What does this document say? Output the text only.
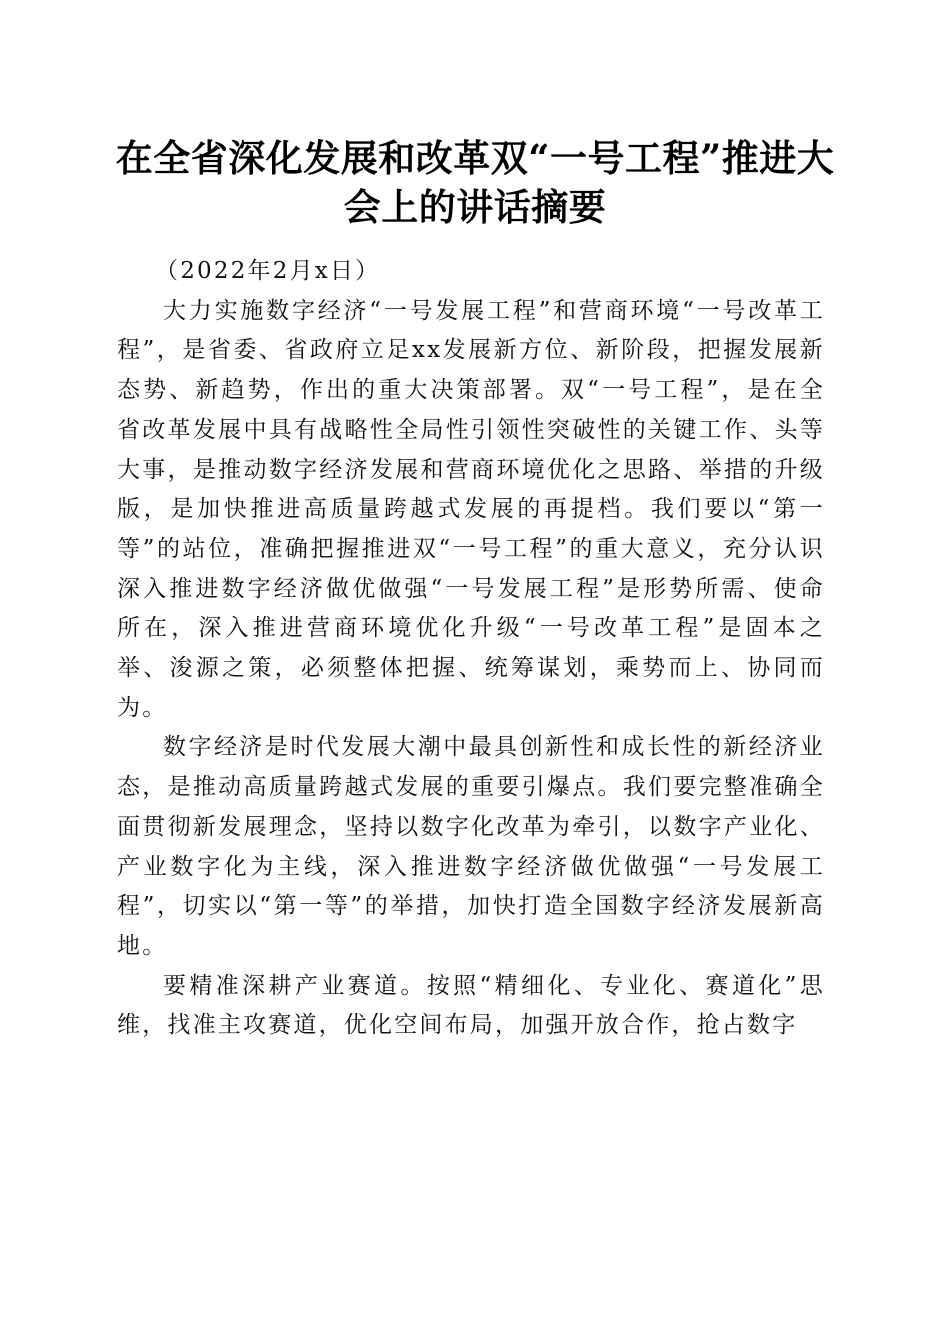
在全省深化发展和改革双“一号工程”推进大会上的讲话摘要

（2022年2月x日）

大力实施数字经济“一号发展工程”和营商环境“一号改革工程”，是省委、省政府立足xx发展新方位、新阶段，把握发展新态势、新趋势，作出的重大决策部署。双“一号工程”，是在全省改革发展中具有战略性全局性引领性突破性的关键工作、头等大事，是推动数字经济发展和营商环境优化之思路、举措的升级版，是加快推进高质量跨越式发展的再提档。我们要以“第一等”的站位，准确把握推进双“一号工程”的重大意义，充分认识深入推进数字经济做优做强“一号发展工程”是形势所需、使命所在，深入推进营商环境优化升级“一号改革工程”是固本之举、浚源之策，必须整体把握、统筹谋划，乘势而上、协同而为。

数字经济是时代发展大潮中最具创新性和成长性的新经济业态，是推动高质量跨越式发展的重要引爆点。我们要完整准确全面贯彻新发展理念，坚持以数字化改革为牵引，以数字产业化、产业数字化为主线，深入推进数字经济做优做强“一号发展工程”，切实以“第一等”的举措，加快打造全国数字经济发展新高地。

要精准深耕产业赛道。按照“精细化、专业化、赛道化”思维，找准主攻赛道，优化空间布局，加强开放合作，抢占数字
